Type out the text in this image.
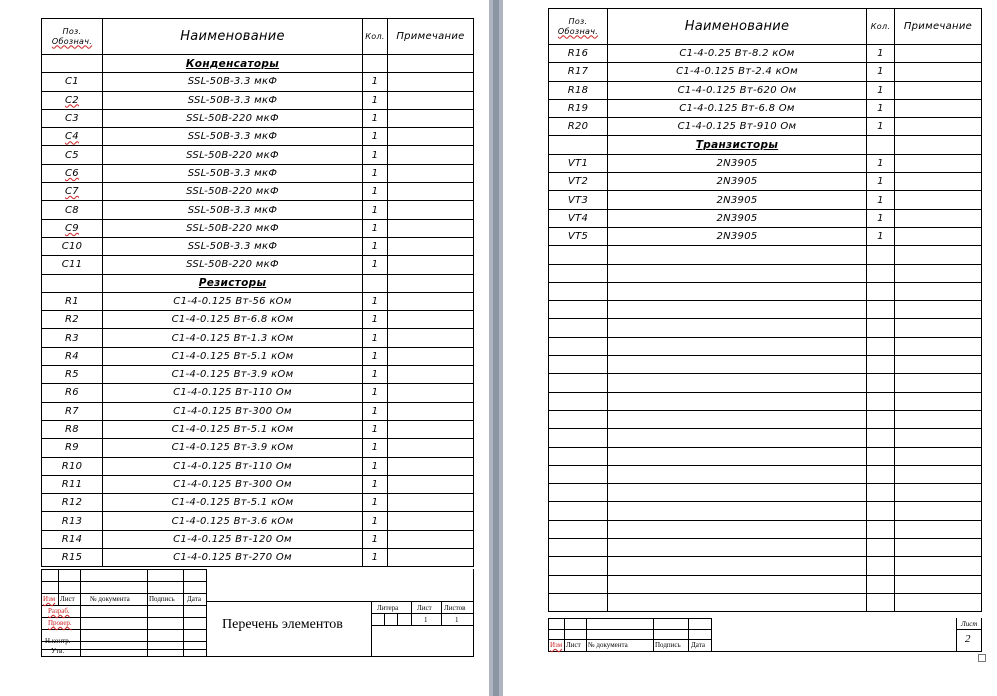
Поз.
Обознач.	Наименование	Кол.	Примечание
	Конденсаторы		
C1	SSL-50B-3.3 мкФ	1	
C2	SSL-50B-3.3 мкФ	1	
C3	SSL-50B-220 мкФ	1	
C4	SSL-50B-3.3 мкФ	1	
C5	SSL-50B-220 мкФ	1	
C6	SSL-50B-3.3 мкФ	1	
C7	SSL-50B-220 мкФ	1	
C8	SSL-50B-3.3 мкФ	1	
C9	SSL-50B-220 мкФ	1	
C10	SSL-50B-3.3 мкФ	1	
C11	SSL-50B-220 мкФ	1	
	Резисторы		
R1	C1-4-0.125 Вт-56 кОм	1	
R2	C1-4-0.125 Вт-6.8 кОм	1	
R3	C1-4-0.125 Вт-1.3 кОм	1	
R4	C1-4-0.125 Вт-5.1 кОм	1	
R5	C1-4-0.125 Вт-3.9 кОм	1	
R6	C1-4-0.125 Вт-110 Ом	1	
R7	C1-4-0.125 Вт-300 Ом	1	
R8	C1-4-0.125 Вт-5.1 кОм	1	
R9	C1-4-0.125 Вт-3.9 кОм	1	
R10	C1-4-0.125 Вт-110 Ом	1	
R11	C1-4-0.125 Вт-300 Ом	1	
R12	C1-4-0.125 Вт-5.1 кОм	1	
R13	C1-4-0.125 Вт-3.6 кОм	1	
R14	C1-4-0.125 Вт-120 Ом	1	
R15	C1-4-0.125 Вт-270 Ом	1	
Изм Лист № документа	Подпись Дата
Разраб.
Провер.
Н.контр.
Утв.
Перечень элементов
Литера	Лист Листов
1	1
Поз.
Обознач.	Наименование	Кол.	Примечание
R16	C1-4-0.25 Вт-8.2 кОм	1	
R17	C1-4-0.125 Вт-2.4 кОм	1	
R18	C1-4-0.125 Вт-620 Ом	1	
R19	C1-4-0.125 Вт-6.8 Ом	1	
R20	C1-4-0.125 Вт-910 Ом	1	
	Транзисторы		
VT1	2N3905	1	
VT2	2N3905	1	
VT3	2N3905	1	
VT4	2N3905	1	
VT5	2N3905	1	

Изм Лист № документа	Подпись Дата
Лист
2
